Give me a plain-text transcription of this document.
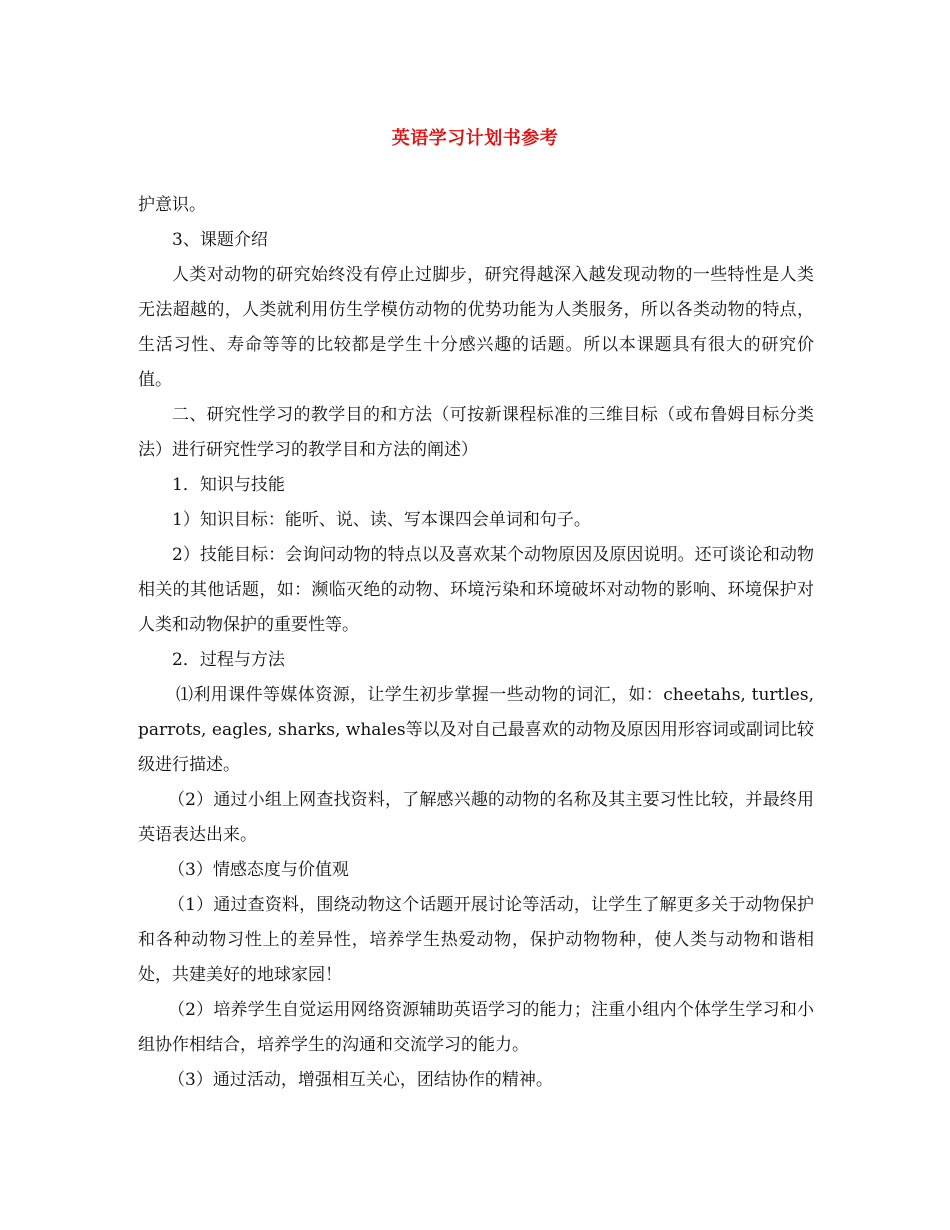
英语学习计划书参考

护意识。

3、课题介绍

人类对动物的研究始终没有停止过脚步，研究得越深入越发现动物的一些特性是人类无法超越的，人类就利用仿生学模仿动物的优势功能为人类服务，所以各类动物的特点，生活习性、寿命等等的比较都是学生十分感兴趣的话题。所以本课题具有很大的研究价值。

二、研究性学习的教学目的和方法（可按新课程标准的三维目标（或布鲁姆目标分类法）进行研究性学习的教学目和方法的阐述）

1．知识与技能

1）知识目标：能听、说、读、写本课四会单词和句子。

2）技能目标：会询问动物的特点以及喜欢某个动物原因及原因说明。还可谈论和动物相关的其他话题，如：濒临灭绝的动物、环境污染和环境破坏对动物的影响、环境保护对人类和动物保护的重要性等。

2．过程与方法

⑴利用课件等媒体资源，让学生初步掌握一些动物的词汇，如：cheetahs, turtles, parrots, eagles, sharks, whales等以及对自己最喜欢的动物及原因用形容词或副词比较级进行描述。

（2）通过小组上网查找资料，了解感兴趣的动物的名称及其主要习性比较，并最终用英语表达出来。

（3）情感态度与价值观

（1）通过查资料，围绕动物这个话题开展讨论等活动，让学生了解更多关于动物保护和各种动物习性上的差异性，培养学生热爱动物，保护动物物种，使人类与动物和谐相处，共建美好的地球家园！

（2）培养学生自觉运用网络资源辅助英语学习的能力；注重小组内个体学生学习和小组协作相结合，培养学生的沟通和交流学习的能力。

（3）通过活动，增强相互关心，团结协作的精神。
